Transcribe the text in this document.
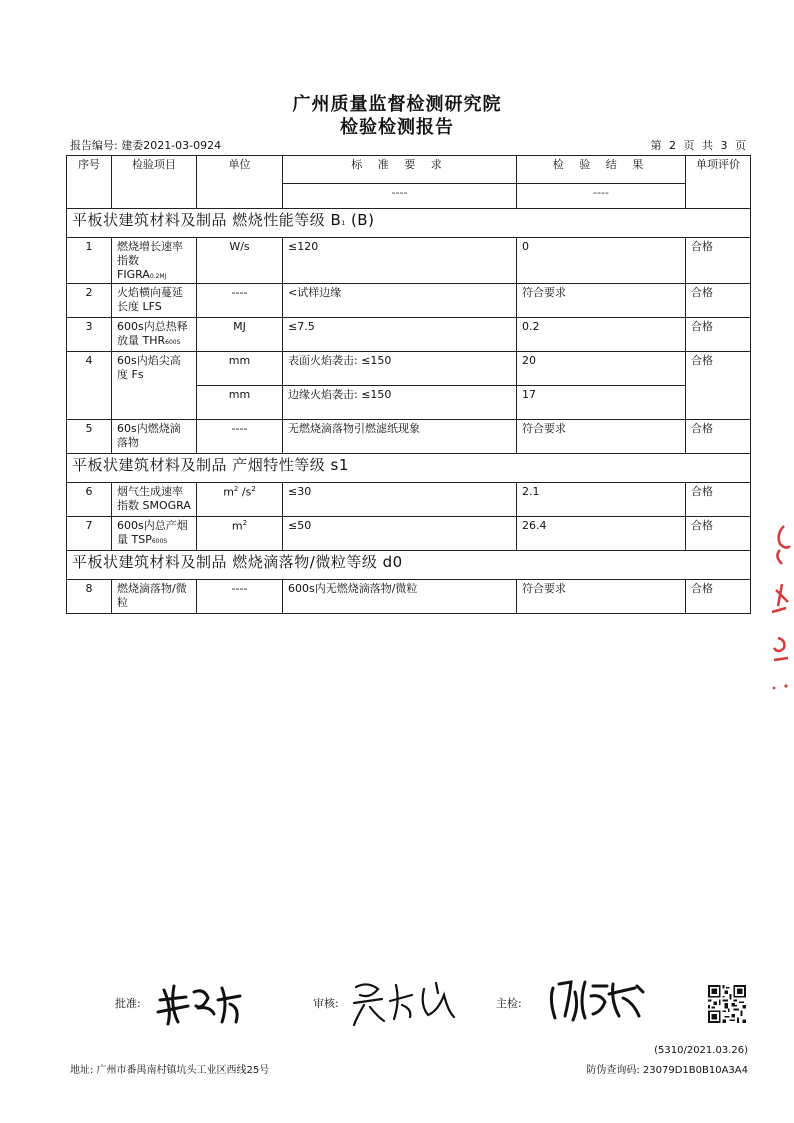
广州质量监督检测研究院
检验检测报告
报告编号: 建委2021-03-0924	第 2 页 共 3 页
序号	检验项目	单位	标 准 要 求	检 验 结 果	单项评价
			----	----	
平板状建筑材料及制品 燃烧性能等级 B1 (B)					
1	燃烧增长速率指数 FIGRA0.2MJ	W/s	≤120	0	合格
2	火焰横向蔓延长度 LFS	----	<试样边缘	符合要求	合格
3	600s内总热释放量 THR600S	MJ	≤7.5	0.2	合格
4	60s内焰尖高度 Fs	mm	表面火焰袭击: ≤150	20	合格
		mm	边缘火焰袭击: ≤150	17	
5	60s内燃烧滴落物	----	无燃烧滴落物引燃滤纸现象	符合要求	合格
平板状建筑材料及制品 产烟特性等级 s1					
6	烟气生成速率指数 SMOGRA	$m^2$ $/s^2$	≤30	2.1	合格
7	600s内总产烟量 TSP600S	$m^2$	≤50	26.4	合格
平板状建筑材料及制品 燃烧滴落物/微粒等级 d0					
8	燃烧滴落物/微粒	----	600s内无燃烧滴落物/微粒	符合要求	合格
批准:	审核:	主检:
(5310/2021.03.26)
地址: 广州市番禺南村镇坑头工业区西线25号	防伪查询码: 23079D1B0B10A3A4
